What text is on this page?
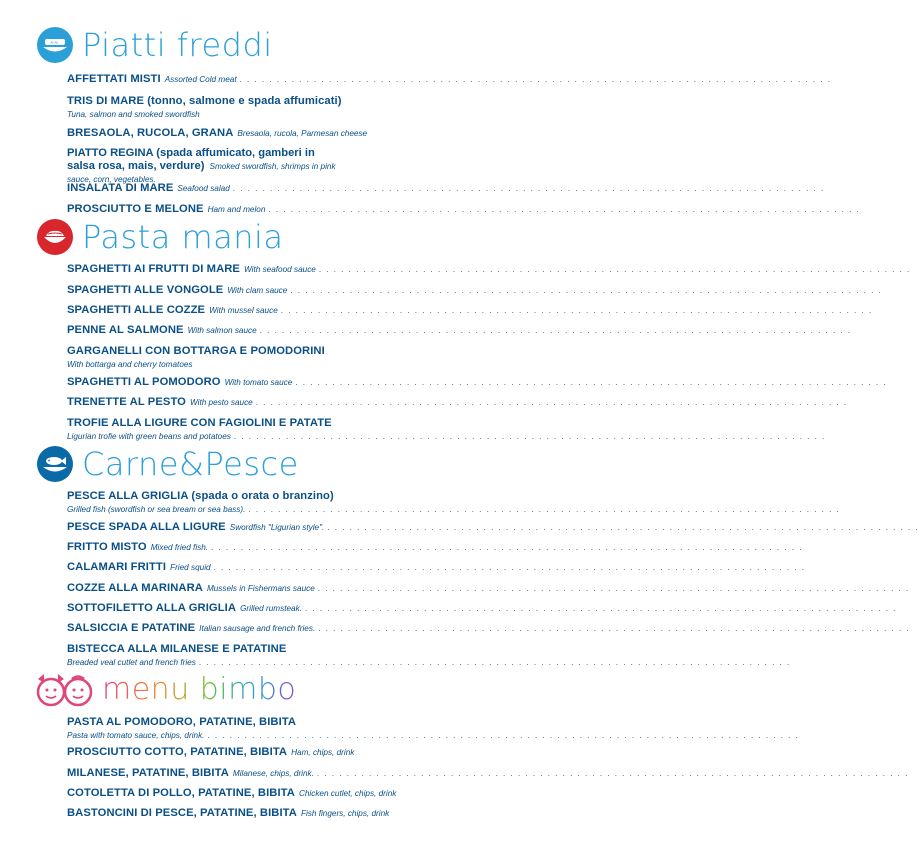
≈≈ Piatti freddi
AFFETTATI MISTI Assorted Cold meat
. . .
TRIS DI MARE (tonno, salmone e spada affumicati)
Tuna, salmon and smoked swordfish
BRESAOLA, RUCOLA, GRANA Bresaola, rucola, Parmesan cheese
PIATTO REGINA (spada affumicato, gamberi in salsa rosa, mais, verdure) Smoked swordfish, shrimps in pink sauce, corn, vegetables.
INSALATA DI MARE Seafood salad
. . .
PROSCIUTTO E MELONE Ham and melon
. . .
Pasta mania
SPAGHETTI AI FRUTTI DI MARE With seafood sauce
. . .
SPAGHETTI ALLE VONGOLE With clam sauce
. . .
SPAGHETTI ALLE COZZE With mussel sauce
. . .
PENNE AL SALMONE With salmon sauce
. . .
GARGANELLI CON BOTTARGA E POMODORINI
With bottarga and cherry tomatoes
SPAGHETTI AL POMODORO With tomato sauce
. . .
TRENETTE AL PESTO With pesto sauce
. . .
TROFIE ALLA LIGURE CON FAGIOLINI E PATATE
Ligurian trofie with green beans and potatoes
. . .
Carne&Pesce
PESCE ALLA GRIGLIA (spada o orata o branzino)
Grilled fish (swordfish or sea bream or sea bass).
. . .
PESCE SPADA ALLA LIGURE Swordfish "Ligurian style".
. . .
FRITTO MISTO Mixed fried fish.
. . .
CALAMARI FRITTI Fried squid
. . .
COZZE ALLA MARINARA Mussels in Fishermans sauce
. . .
SOTTOFILETTO ALLA GRIGLIA Grilled rumsteak.
. . .
SALSICCIA E PATATINE Italian sausage and french fries.
. . .
BISTECCA ALLA MILANESE E PATATINE
Breaded veal cutlet and french fries
. . .
menu bimbo
PASTA AL POMODORO, PATATINE, BIBITA
Pasta with tomato sauce, chips, drink.
. . .
PROSCIUTTO COTTO, PATATINE, BIBITA Ham, chips, drink
MILANESE, PATATINE, BIBITA Milanese, chips, drink.
. . .
COTOLETTA DI POLLO, PATATINE, BIBITA Chicken cutlet, chips, drink
BASTONCINI DI PESCE, PATATINE, BIBITA Fish fingers, chips, drink
